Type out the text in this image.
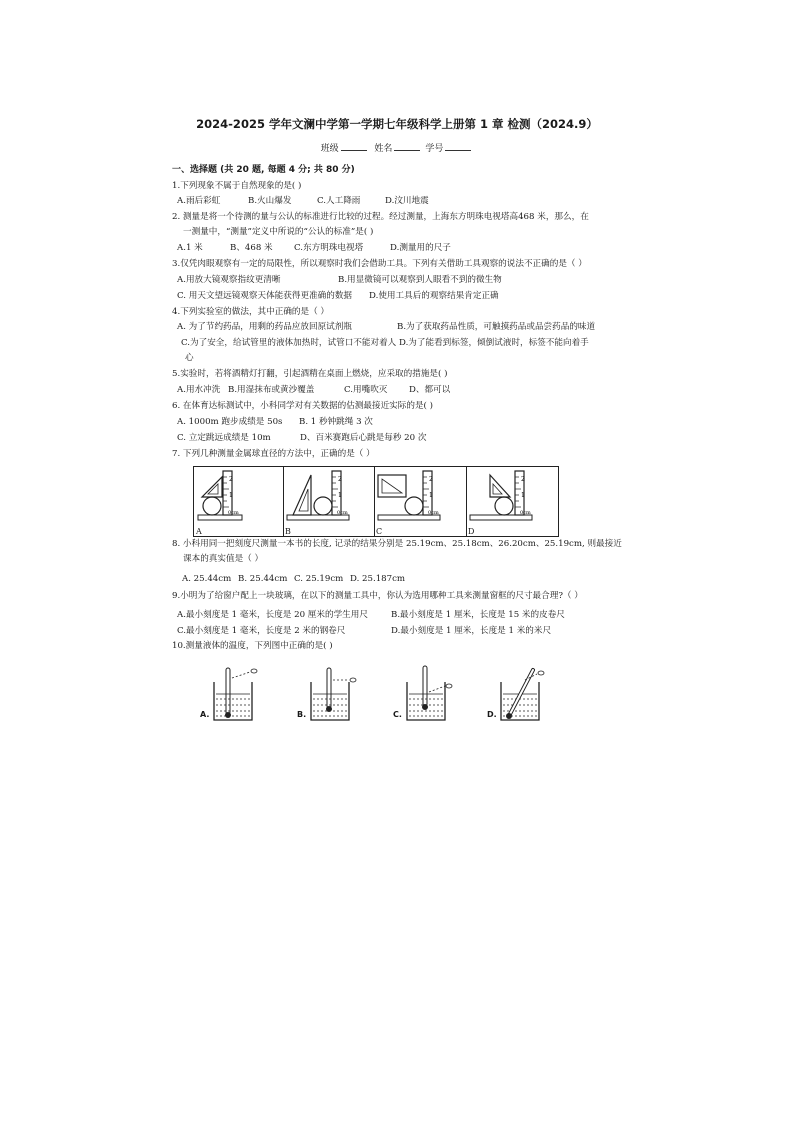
2024-2025 学年文澜中学第一学期七年级科学上册第 1 章 检测（2024.9）
班级	姓名	学号
一、选择题 (共 20 题, 每题 4 分; 共 80 分)
1.下列现象不属于自然现象的是( )
A.雨后彩虹	B.火山爆发	C.人工降雨	D.汶川地震
2. 测量是将一个待测的量与公认的标准进行比较的过程。经过测量，上海东方明珠电视塔高468 米，那么，在
一测量中，“测量”定义中所说的“公认的标准”是( )
A.1 米	B、468 米 C.东方明珠电视塔	D.测量用的尺子
3.仅凭肉眼观察有一定的局限性，所以观察时我们会借助工具。下列有关借助工具观察的说法不正确的是（ ）
A.用放大镜观察指纹更清晰	B.用显微镜可以观察到人眼看不到的微生物
C. 用天文望远镜观察天体能获得更准确的数据 D.使用工具后的观察结果肯定正确
4.下列实验室的做法，其中正确的是（ ）
A. 为了节约药品，用剩的药品应放回原试剂瓶	B.为了获取药品性质，可触摸药品或品尝药品的味道
C.为了安全，给试管里的液体加热时，试管口不能对着人 D.为了能看到标签，倾倒试液时，标签不能向着手
心
5.实验时，若将酒精灯打翻，引起酒精在桌面上燃烧，应采取的措施是( )
A.用水冲洗 B.用湿抹布或黄沙覆盖	C.用嘴吹灭	D、都可以
6. 在体育达标测试中，小科同学对有关数据的估测最接近实际的是( )
A. 1000m 跑步成绩是 50s B. 1 秒钟跳绳 3 次
C. 立定跳远成绩是 10m	D、百米赛跑后心跳是每秒 20 次
7. 下列几种测量金属球直径的方法中，正确的是（ ）
2
1
0cm
A
2
1
0cm
B
2
1
0cm
C
2
1
0cm
D
8. 小科用同一把刻度尺测量一本书的长度, 记录的结果分别是 25.19cm、25.18cm、26.20cm、25.19cm, 则最接近
课本的真实值是（ ）
A. 25.44cm B. 25.44cm C. 25.19cm D. 25.187cm
9.小明为了给窗户配上一块玻璃，在以下的测量工具中，你认为选用哪种工具来测量窗框的尺寸最合理?（ ）
A.最小刻度是 1 毫米，长度是 20 厘米的学生用尺	B.最小刻度是 1 厘米，长度是 15 米的皮卷尺
C.最小刻度是 1 毫米，长度是 2 米的钢卷尺	D.最小刻度是 1 厘米，长度是 1 米的米尺
10.测量液体的温度，下列图中正确的是( )
A.	B.	C.	D.
